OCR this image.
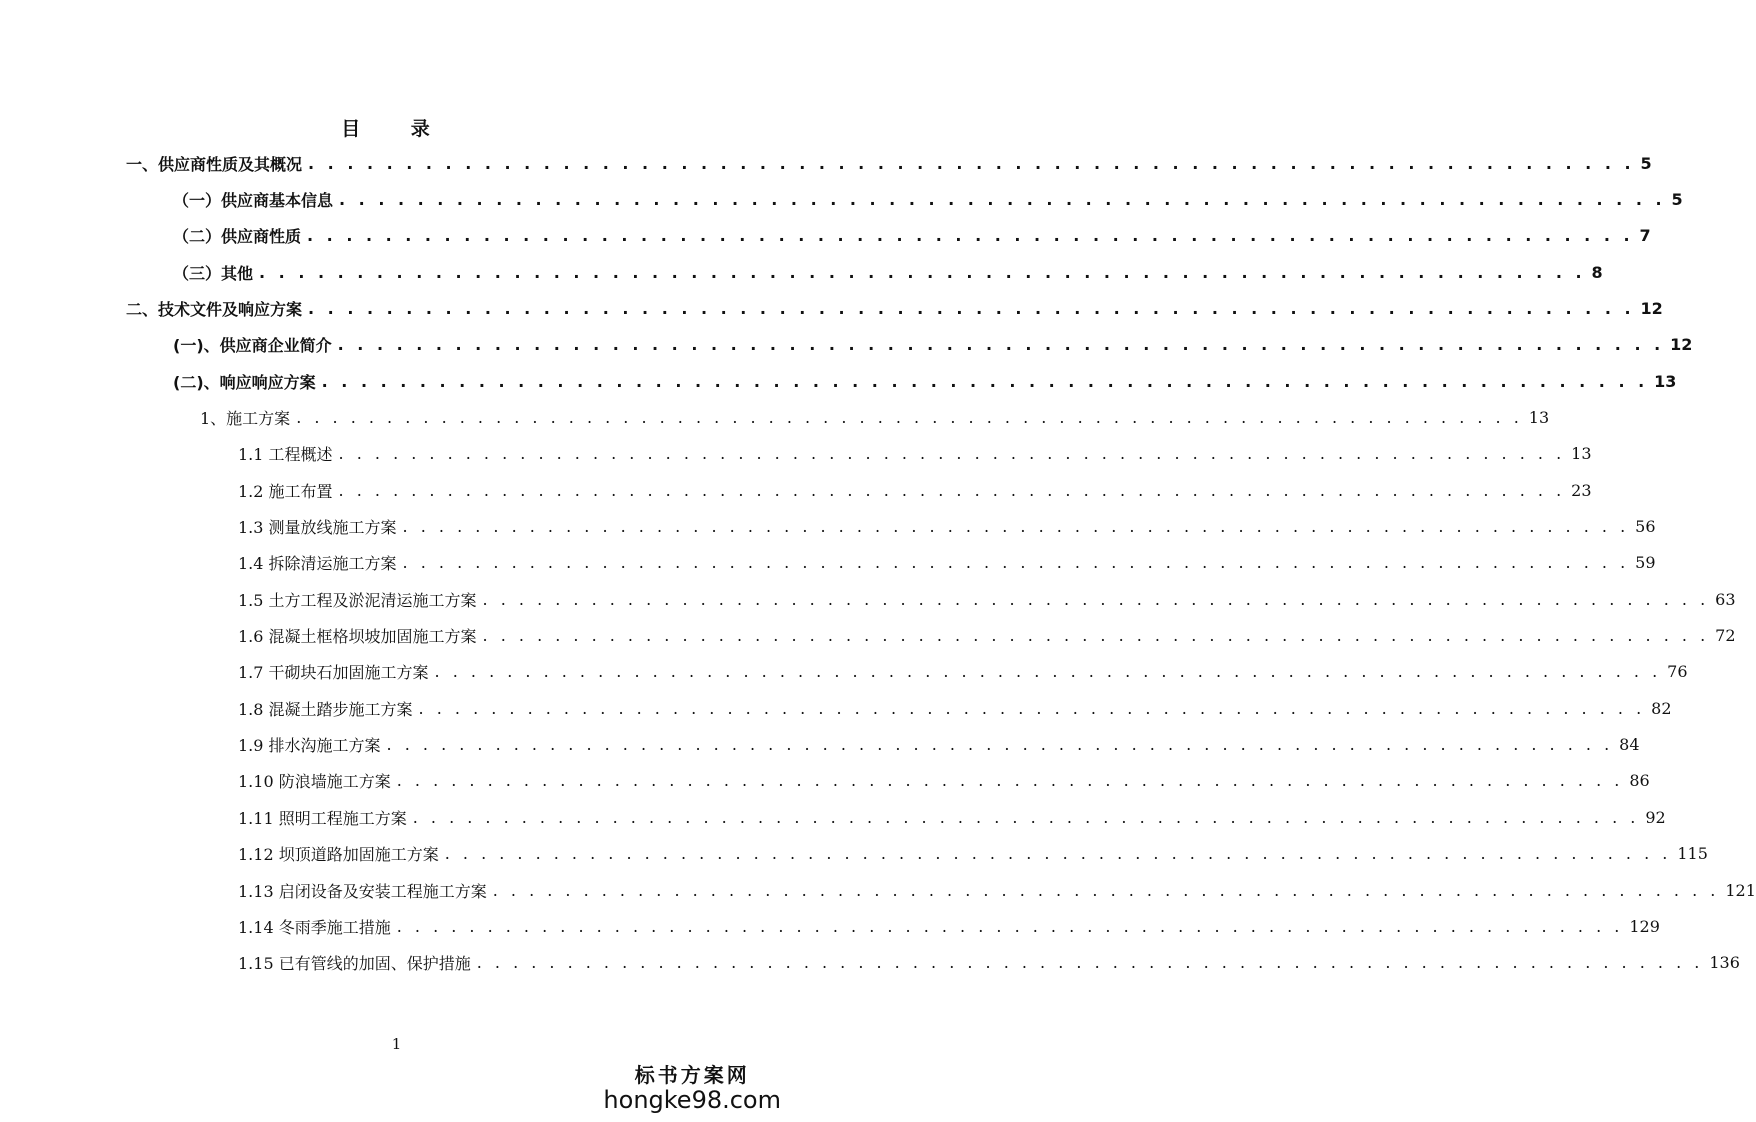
目 录
一、供应商性质及其概况 . . . . . . . . . . . . . . . . . . . . . . . . . . . . . . . . . . . . . . . . . . . . . . . . . . . . . . . . . . . . . . . . . . . . 5
（一）供应商基本信息 . . . . . . . . . . . . . . . . . . . . . . . . . . . . . . . . . . . . . . . . . . . . . . . . . . . . . . . . . . . . . . . . . . . . 5
（二）供应商性质 . . . . . . . . . . . . . . . . . . . . . . . . . . . . . . . . . . . . . . . . . . . . . . . . . . . . . . . . . . . . . . . . . . . . 7
（三）其他 . . . . . . . . . . . . . . . . . . . . . . . . . . . . . . . . . . . . . . . . . . . . . . . . . . . . . . . . . . . . . . . . . . . . 8
二、技术文件及响应方案 . . . . . . . . . . . . . . . . . . . . . . . . . . . . . . . . . . . . . . . . . . . . . . . . . . . . . . . . . . . . . . . . . . . . 12
(一)、供应商企业简介 . . . . . . . . . . . . . . . . . . . . . . . . . . . . . . . . . . . . . . . . . . . . . . . . . . . . . . . . . . . . . . . . . . . . 12
(二)、响应响应方案 . . . . . . . . . . . . . . . . . . . . . . . . . . . . . . . . . . . . . . . . . . . . . . . . . . . . . . . . . . . . . . . . . . . . 13
1、施工方案 . . . . . . . . . . . . . . . . . . . . . . . . . . . . . . . . . . . . . . . . . . . . . . . . . . . . . . . . . . . . . . . . . . . . 13
1.1 工程概述 . . . . . . . . . . . . . . . . . . . . . . . . . . . . . . . . . . . . . . . . . . . . . . . . . . . . . . . . . . . . . . . . . . . . 13
1.2 施工布置 . . . . . . . . . . . . . . . . . . . . . . . . . . . . . . . . . . . . . . . . . . . . . . . . . . . . . . . . . . . . . . . . . . . . 23
1.3 测量放线施工方案 . . . . . . . . . . . . . . . . . . . . . . . . . . . . . . . . . . . . . . . . . . . . . . . . . . . . . . . . . . . . . . . . . . . . 56
1.4 拆除清运施工方案 . . . . . . . . . . . . . . . . . . . . . . . . . . . . . . . . . . . . . . . . . . . . . . . . . . . . . . . . . . . . . . . . . . . . 59
1.5 土方工程及淤泥清运施工方案 . . . . . . . . . . . . . . . . . . . . . . . . . . . . . . . . . . . . . . . . . . . . . . . . . . . . . . . . . . . . . . . . . . . . 63
1.6 混凝土框格坝坡加固施工方案 . . . . . . . . . . . . . . . . . . . . . . . . . . . . . . . . . . . . . . . . . . . . . . . . . . . . . . . . . . . . . . . . . . . . 72
1.7 干砌块石加固施工方案 . . . . . . . . . . . . . . . . . . . . . . . . . . . . . . . . . . . . . . . . . . . . . . . . . . . . . . . . . . . . . . . . . . . . 76
1.8 混凝土踏步施工方案 . . . . . . . . . . . . . . . . . . . . . . . . . . . . . . . . . . . . . . . . . . . . . . . . . . . . . . . . . . . . . . . . . . . . 82
1.9 排水沟施工方案 . . . . . . . . . . . . . . . . . . . . . . . . . . . . . . . . . . . . . . . . . . . . . . . . . . . . . . . . . . . . . . . . . . . . 84
1.10 防浪墙施工方案 . . . . . . . . . . . . . . . . . . . . . . . . . . . . . . . . . . . . . . . . . . . . . . . . . . . . . . . . . . . . . . . . . . . . 86
1.11 照明工程施工方案 . . . . . . . . . . . . . . . . . . . . . . . . . . . . . . . . . . . . . . . . . . . . . . . . . . . . . . . . . . . . . . . . . . . . 92
1.12 坝顶道路加固施工方案 . . . . . . . . . . . . . . . . . . . . . . . . . . . . . . . . . . . . . . . . . . . . . . . . . . . . . . . . . . . . . . . . . . . . 115
1.13 启闭设备及安装工程施工方案 . . . . . . . . . . . . . . . . . . . . . . . . . . . . . . . . . . . . . . . . . . . . . . . . . . . . . . . . . . . . . . . . . . . . 121
1.14 冬雨季施工措施 . . . . . . . . . . . . . . . . . . . . . . . . . . . . . . . . . . . . . . . . . . . . . . . . . . . . . . . . . . . . . . . . . . . . 129
1.15 已有管线的加固、保护措施 . . . . . . . . . . . . . . . . . . . . . . . . . . . . . . . . . . . . . . . . . . . . . . . . . . . . . . . . . . . . . . . . . . . . 136
1
标书方案网
hongke98.com
